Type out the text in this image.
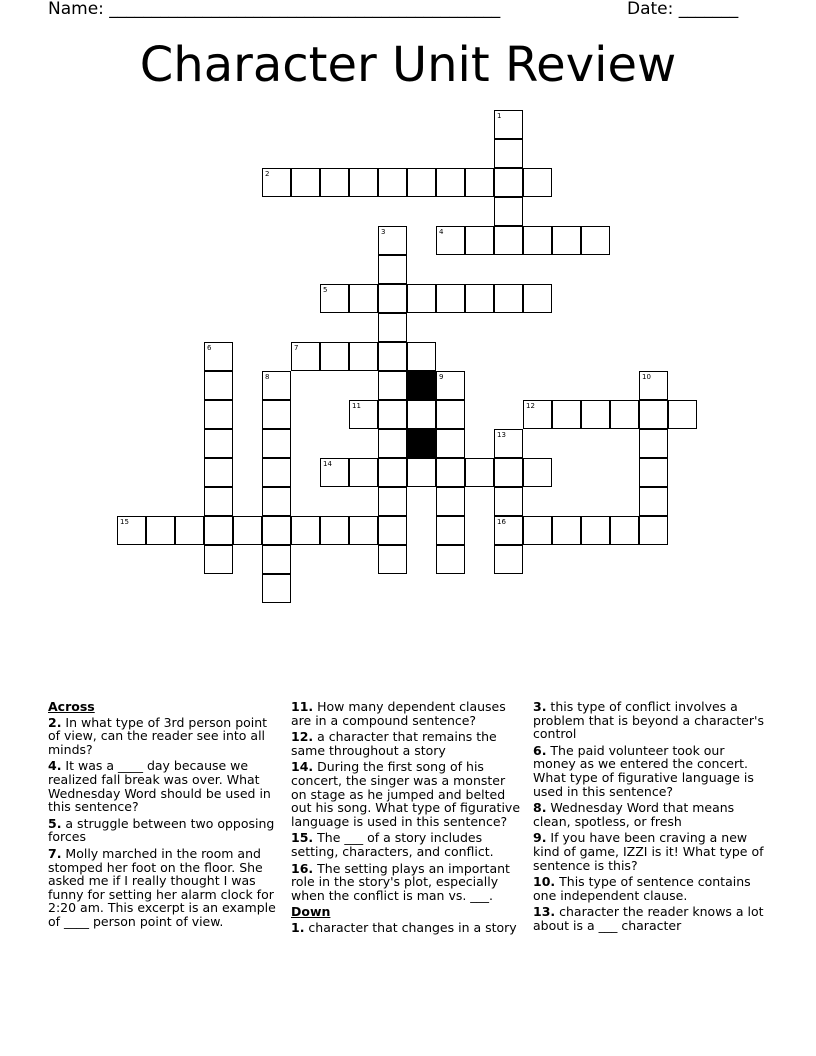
Name: ______________________________________________	Date: _______
Character Unit Review
1
2
3	4
5
6	7
8	9	10
11	12
13
14
15	16
Across
2. In what type of 3rd person point of view, can the reader see into all minds?
4. It was a ____ day because we realized fall break was over. What Wednesday Word should be used in this sentence?
5. a struggle between two opposing forces
7. Molly marched in the room and stomped her foot on the floor. She asked me if I really thought I was funny for setting her alarm clock for 2:20 am. This excerpt is an example of ____ person point of view.
11. How many dependent clauses are in a compound sentence?
12. a character that remains the same throughout a story
14. During the first song of his concert, the singer was a monster on stage as he jumped and belted out his song. What type of figurative language is used in this sentence?
15. The ___ of a story includes setting, characters, and conflict.
16. The setting plays an important role in the story's plot, especially when the conflict is man vs. ___.
Down
1. character that changes in a story
3. this type of conflict involves a problem that is beyond a character's control
6. The paid volunteer took our money as we entered the concert. What type of figurative language is used in this sentence?
8. Wednesday Word that means clean, spotless, or fresh
9. If you have been craving a new kind of game, IZZI is it! What type of sentence is this?
10. This type of sentence contains one independent clause.
13. character the reader knows a lot about is a ___ character
